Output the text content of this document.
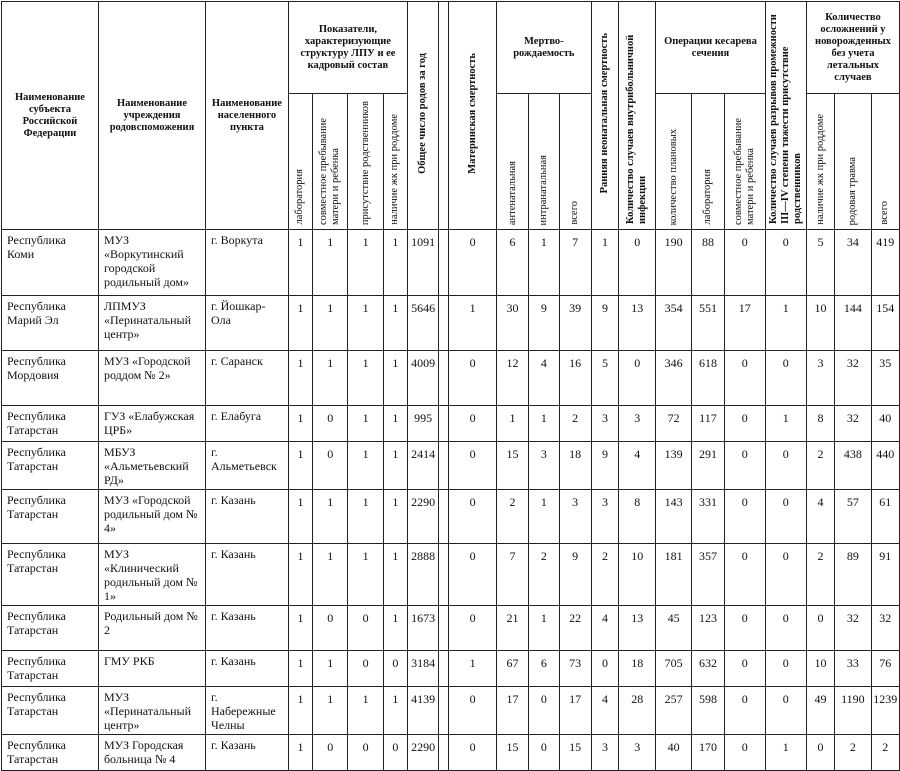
Наименование субъекта Российской Федерации	Наименование учреждения родовспоможения	Наименование населенного пункта	Показатели, характеризующие структуру ЛПУ и ее кадровый состав				Общее число родов за год		Материнская смертность	Мертво-рождаемость			Ранняя неонатальная смертность	Количество случаев внутрибольничной инфекции	Операции кесарева сечения			Количество случаев разрывов промежности III—IV степени тяжести присутствие родственников	Количество осложнений у новорожденных без учета летальных случаев		
			лаборатория	совместное пребывание матери и ребенка	присутствие родственников	наличие жк при роддоме				антенатальная	интранатальная	всего			количество плановых	лаборатория	совместное пребывание матери и ребенка		наличие жк при роддоме	родовая травма	всего
Республика Коми	МУЗ «Воркутинский городской родильный дом»	г. Воркута	1	1	1	1	1091		0	6	1	7	1	0	190	88	0	0	5	34	419
Республика Марий Эл	ЛПМУЗ «Перинатальный центр»	г. Йошкар-Ола	1	1	1	1	5646		1	30	9	39	9	13	354	551	17	1	10	144	154
Республика Мордовия	МУЗ «Городской роддом № 2»	г. Саранск	1	1	1	1	4009		0	12	4	16	5	0	346	618	0	0	3	32	35
Республика Татарстан	ГУЗ «Елабужская ЦРБ»	г. Елабуга	1	0	1	1	995		0	1	1	2	3	3	72	117	0	1	8	32	40
Республика Татарстан	МБУЗ «Альметьевский РД»	г. Альметьевск	1	0	1	1	2414		0	15	3	18	9	4	139	291	0	0	2	438	440
Республика Татарстан	МУЗ «Городской родильный дом № 4»	г. Казань	1	1	1	1	2290		0	2	1	3	3	8	143	331	0	0	4	57	61
Республика Татарстан	МУЗ «Клинический родильный дом № 1»	г. Казань	1	1	1	1	2888		0	7	2	9	2	10	181	357	0	0	2	89	91
Республика Татарстан	Родильный дом № 2	г. Казань	1	0	0	1	1673		0	21	1	22	4	13	45	123	0	0	0	32	32
Республика Татарстан	ГМУ РКБ	г. Казань	1	1	0	0	3184		1	67	6	73	0	18	705	632	0	0	10	33	76
Республика Татарстан	МУЗ «Перинатальный центр»	г. Набережные Челны	1	1	1	1	4139		0	17	0	17	4	28	257	598	0	0	49	1190	1239
Республика Татарстан	МУЗ Городская больница № 4	г. Казань	1	0	0	0	2290		0	15	0	15	3	3	40	170	0	1	0	2	2
